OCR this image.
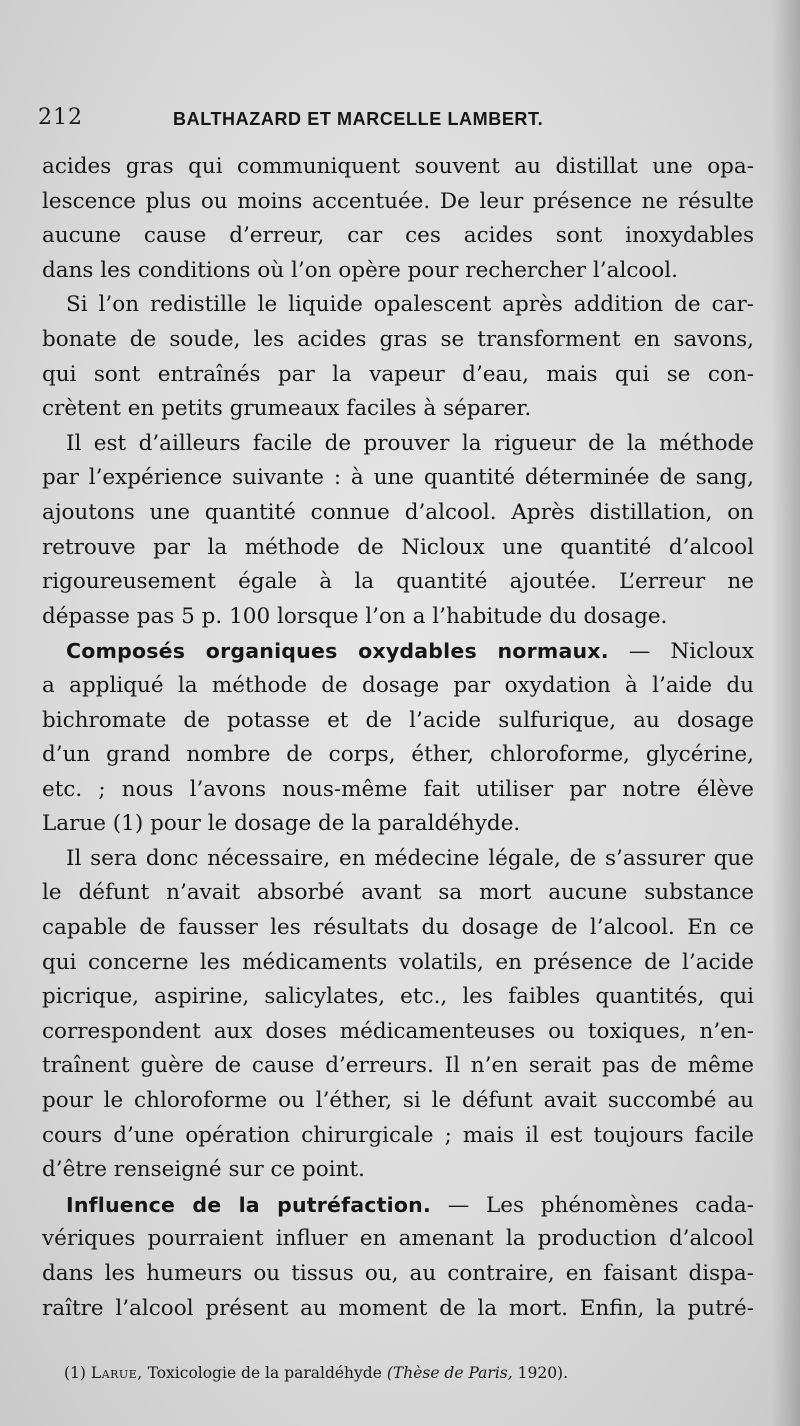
212	BALTHAZARD ET MARCELLE LAMBERT.
acides gras qui communiquent souvent au distillat une opa-
lescence plus ou moins accentuée. De leur présence ne résulte
aucune cause d’erreur, car ces acides sont inoxydables
dans les conditions où l’on opère pour rechercher l’alcool.
Si l’on redistille le liquide opalescent après addition de car-
bonate de soude, les acides gras se transforment en savons,
qui sont entraînés par la vapeur d’eau, mais qui se con-
crètent en petits grumeaux faciles à séparer.
Il est d’ailleurs facile de prouver la rigueur de la méthode
par l’expérience suivante : à une quantité déterminée de sang,
ajoutons une quantité connue d’alcool. Après distillation, on
retrouve par la méthode de Nicloux une quantité d’alcool
rigoureusement égale à la quantité ajoutée. L’erreur ne
dépasse pas 5 p. 100 lorsque l’on a l’habitude du dosage.
Composés organiques oxydables normaux. — Nicloux
a appliqué la méthode de dosage par oxydation à l’aide du
bichromate de potasse et de l’acide sulfurique, au dosage
d’un grand nombre de corps, éther, chloroforme, glycérine,
etc. ; nous l’avons nous-même fait utiliser par notre élève
Larue (1) pour le dosage de la paraldéhyde.
Il sera donc nécessaire, en médecine légale, de s’assurer que
le défunt n’avait absorbé avant sa mort aucune substance
capable de fausser les résultats du dosage de l’alcool. En ce
qui concerne les médicaments volatils, en présence de l’acide
picrique, aspirine, salicylates, etc., les faibles quantités, qui
correspondent aux doses médicamenteuses ou toxiques, n’en-
traînent guère de cause d’erreurs. Il n’en serait pas de même
pour le chloroforme ou l’éther, si le défunt avait succombé au
cours d’une opération chirurgicale ; mais il est toujours facile
d’être renseigné sur ce point.
Influence de la putréfaction. — Les phénomènes cada-
vériques pourraient influer en amenant la production d’alcool
dans les humeurs ou tissus ou, au contraire, en faisant dispa-
raître l’alcool présent au moment de la mort. Enfin, la putré-
(1) Larue, Toxicologie de la paraldéhyde (Thèse de Paris, 1920).
